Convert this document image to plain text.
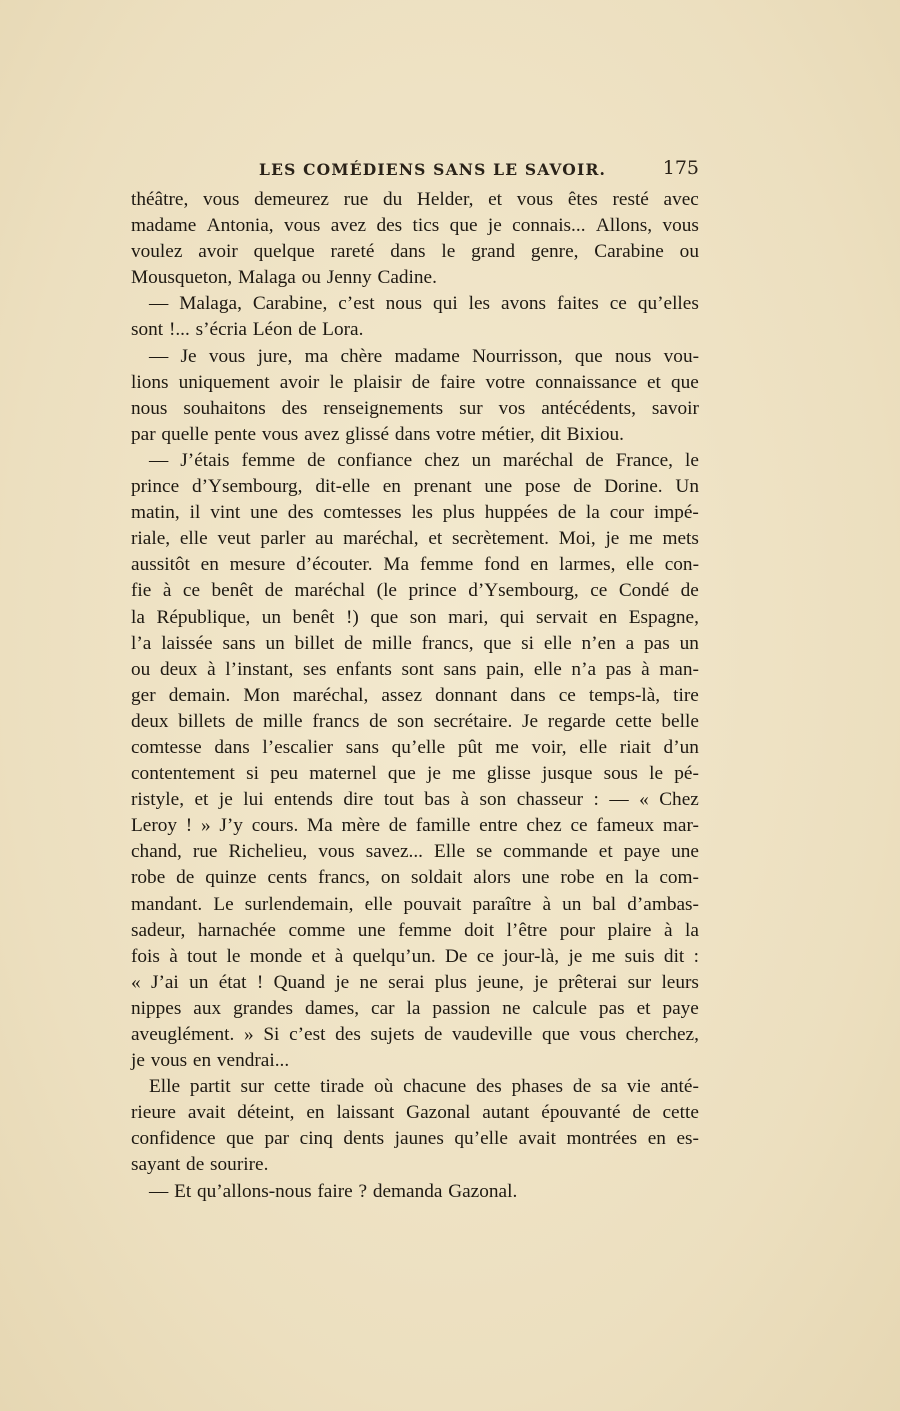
LES COMÉDIENS SANS LE SAVOIR.	175
théâtre, vous demeurez rue du Helder, et vous êtes resté avec
madame Antonia, vous avez des tics que je connais... Allons, vous
voulez avoir quelque rareté dans le grand genre, Carabine ou
Mousqueton, Malaga ou Jenny Cadine.
— Malaga, Carabine, c’est nous qui les avons faites ce qu’elles
sont !... s’écria Léon de Lora.
— Je vous jure, ma chère madame Nourrisson, que nous vou-
lions uniquement avoir le plaisir de faire votre connaissance et que
nous souhaitons des renseignements sur vos antécédents, savoir
par quelle pente vous avez glissé dans votre métier, dit Bixiou.
— J’étais femme de confiance chez un maréchal de France, le
prince d’Ysembourg, dit-elle en prenant une pose de Dorine. Un
matin, il vint une des comtesses les plus huppées de la cour impé-
riale, elle veut parler au maréchal, et secrètement. Moi, je me mets
aussitôt en mesure d’écouter. Ma femme fond en larmes, elle con-
fie à ce benêt de maréchal (le prince d’Ysembourg, ce Condé de
la République, un benêt !) que son mari, qui servait en Espagne,
l’a laissée sans un billet de mille francs, que si elle n’en a pas un
ou deux à l’instant, ses enfants sont sans pain, elle n’a pas à man-
ger demain. Mon maréchal, assez donnant dans ce temps-là, tire
deux billets de mille francs de son secrétaire. Je regarde cette belle
comtesse dans l’escalier sans qu’elle pût me voir, elle riait d’un
contentement si peu maternel que je me glisse jusque sous le pé-
ristyle, et je lui entends dire tout bas à son chasseur : — « Chez
Leroy ! » J’y cours. Ma mère de famille entre chez ce fameux mar-
chand, rue Richelieu, vous savez... Elle se commande et paye une
robe de quinze cents francs, on soldait alors une robe en la com-
mandant. Le surlendemain, elle pouvait paraître à un bal d’ambas-
sadeur, harnachée comme une femme doit l’être pour plaire à la
fois à tout le monde et à quelqu’un. De ce jour-là, je me suis dit :
« J’ai un état ! Quand je ne serai plus jeune, je prêterai sur leurs
nippes aux grandes dames, car la passion ne calcule pas et paye
aveuglément. » Si c’est des sujets de vaudeville que vous cherchez,
je vous en vendrai...
Elle partit sur cette tirade où chacune des phases de sa vie anté-
rieure avait déteint, en laissant Gazonal autant épouvanté de cette
confidence que par cinq dents jaunes qu’elle avait montrées en es-
sayant de sourire.
— Et qu’allons-nous faire ? demanda Gazonal.
